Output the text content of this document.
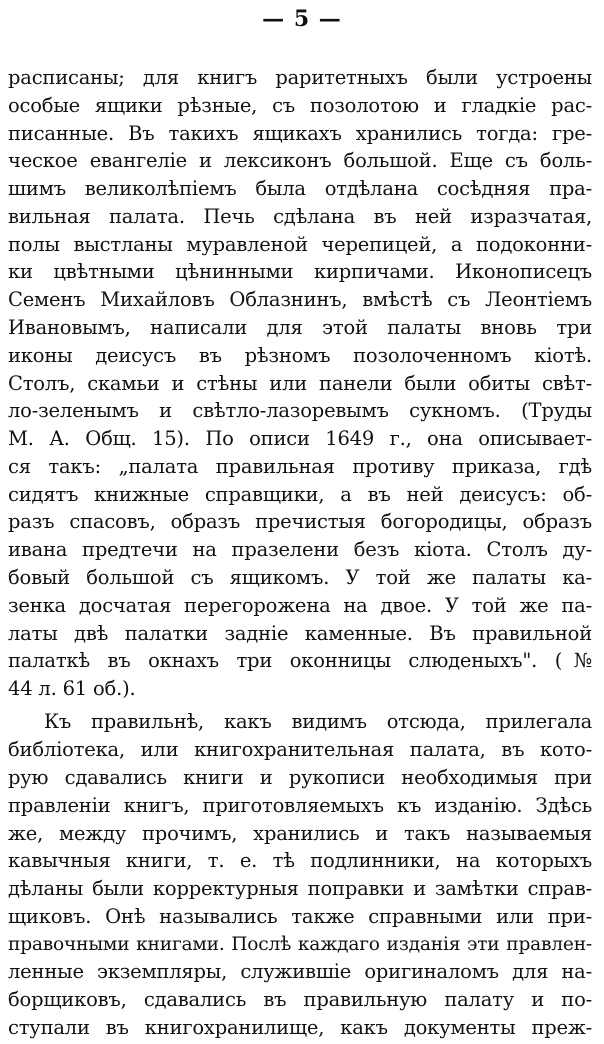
— 5 —
расписаны; для книгъ раритетныхъ были устроены
особые ящики рѣзные, съ позолотою и гладкіе рас-
писанные. Въ такихъ ящикахъ хранились тогда: гре-
ческое евангеліе и лексиконъ большой. Еще съ боль-
шимъ великолѣпіемъ была отдѣлана сосѣдняя пра-
вильная палата. Печь сдѣлана въ ней изразчатая,
полы выстланы муравленой черепицей, а подоконни-
ки цвѣтными цѣнинными кирпичами. Иконописецъ
Семенъ Михайловъ Облазнинъ, вмѣстѣ съ Леонтіемъ
Ивановымъ, написали для этой палаты вновь три
иконы деисусъ въ рѣзномъ позолоченномъ кіотѣ.
Столъ, скамьи и стѣны или панели были обиты свѣт-
ло-зеленымъ и свѣтло-лазоревымъ сукномъ. (Труды
М. А. Общ. 15). По описи 1649 г., она описывает-
ся такъ: „палата правильная противу приказа, гдѣ
сидятъ книжные справщики, а въ ней деисусъ: об-
разъ спасовъ, образъ пречистыя богородицы, образъ
ивана предтечи на празелени безъ кіота. Столъ ду-
бовый большой съ ящикомъ. У той же палаты ка-
зенка досчатая перегорожена на двое. У той же па-
латы двѣ палатки задніе каменные. Въ правильной
палаткѣ въ окнахъ три оконницы слюденыхъ". (№
44 л. 61 об.).
Къ правильнѣ, какъ видимъ отсюда, прилегала
библіотека, или книгохранительная палата, въ кото-
рую сдавались книги и рукописи необходимыя при
правленіи книгъ, приготовляемыхъ къ изданію. Здѣсь
же, между прочимъ, хранились и такъ называемыя
кавычныя книги, т. е. тѣ подлинники, на которыхъ
дѣланы были корректурныя поправки и замѣтки справ-
щиковъ. Онѣ назывались также справными или при-
правочными книгами. Послѣ каждаго изданія эти правлен-
ленные экземпляры, служившіе оригиналомъ для на-
борщиковъ, сдавались въ правильную палату и по-
ступали въ книгохранилище, какъ документы преж-
